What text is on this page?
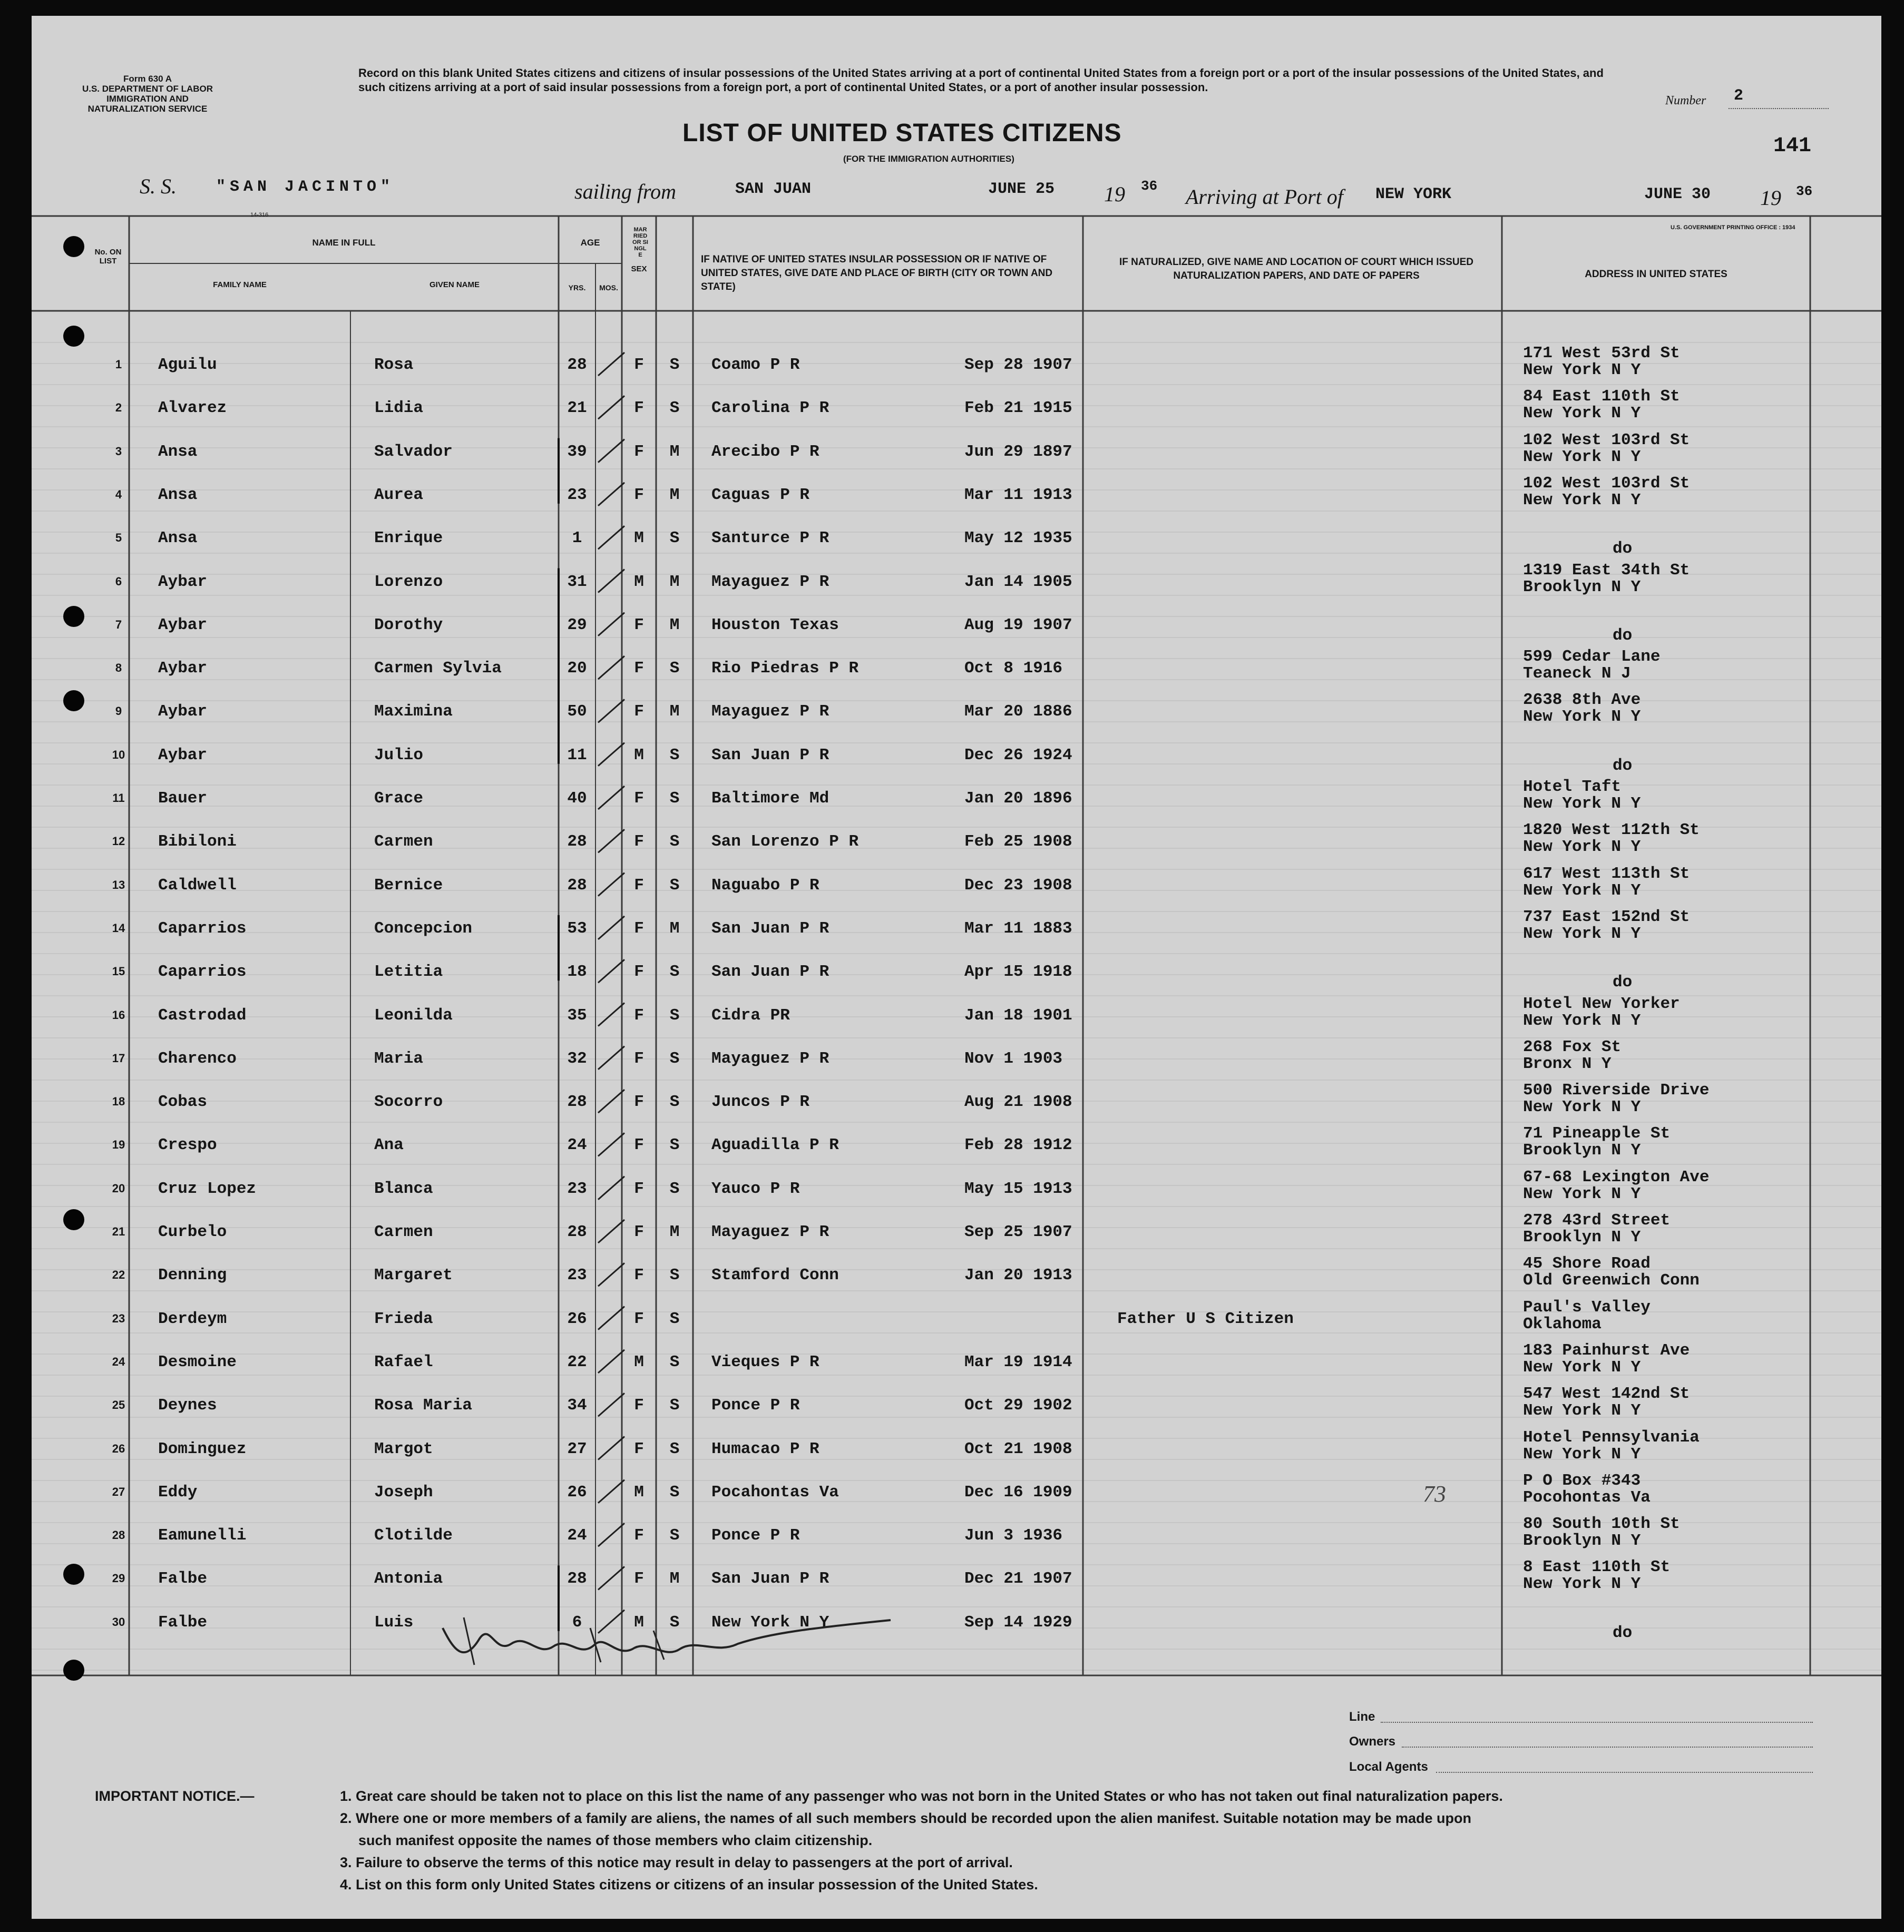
Form 630 A
U.S. DEPARTMENT OF LABOR
IMMIGRATION AND
NATURALIZATION SERVICE
Record on this blank United States citizens and citizens of insular possessions of the United States arriving at a port of continental United States from a foreign port or a port of the insular possessions of the United States, and such citizens arriving at a port of said insular possessions from a foreign port, a port of continental United States, or a port of another insular possession.
Number 2
141
LIST OF UNITED STATES CITIZENS
(FOR THE IMMIGRATION AUTHORITIES)
S. S.	"SAN JACINTO"	sailing from	SAN JUAN	JUNE 25 19 36 Arriving at Port of NEW YORK	JUNE 30 19 36
14-316
U.S. GOVERNMENT PRINTING OFFICE : 1934
No. ON LIST
NAME IN FULL
FAMILY NAME	GIVEN NAME
AGE
YRS.	MOS.
SEX
MARRIED OR SINGLE	IF NATIVE OF UNITED STATES INSULAR POSSESSION OR IF NATIVE OF UNITED STATES, GIVE DATE AND PLACE OF BIRTH (CITY OR TOWN AND STATE)
IF NATURALIZED, GIVE NAME AND LOCATION OF COURT WHICH ISSUED NATURALIZATION PAPERS, AND DATE OF PAPERS	ADDRESS IN UNITED STATES
1	Aguilu	Rosa	28	F	S	Coamo P R	Sep 28 1907
171 West 53rd St
New York N Y
2	Alvarez	Lidia	21	F	S	Carolina P R	Feb 21 1915
84 East 110th St
New York N Y
3	Ansa	Salvador	39	F	M	Arecibo P R	Jun 29 1897
102 West 103rd St
New York N Y
4	Ansa	Aurea	23	F	M	Caguas P R	Mar 11 1913
102 West 103rd St
New York N Y
5	Ansa	Enrique	1	M	S	Santurce P R	May 12 1935
do
6	Aybar	Lorenzo	31	M	M	Mayaguez P R	Jan 14 1905
1319 East 34th St
Brooklyn N Y
7	Aybar	Dorothy	29	F	M	Houston Texas	Aug 19 1907
do
8	Aybar	Carmen Sylvia	20	F	S	Rio Piedras P R	Oct 8 1916
599 Cedar Lane
Teaneck N J
9	Aybar	Maximina	50	F	M	Mayaguez P R	Mar 20 1886
2638 8th Ave
New York N Y
10	Aybar	Julio	11	M	S	San Juan P R	Dec 26 1924
do
11	Bauer	Grace	40	F	S	Baltimore Md	Jan 20 1896
Hotel Taft
New York N Y
12	Bibiloni	Carmen	28	F	S	San Lorenzo P R	Feb 25 1908
1820 West 112th St
New York N Y
13	Caldwell	Bernice	28	F	S	Naguabo P R	Dec 23 1908
617 West 113th St
New York N Y
14	Caparrios	Concepcion	53	F	M	San Juan P R	Mar 11 1883
737 East 152nd St
New York N Y
15	Caparrios	Letitia	18	F	S	San Juan P R	Apr 15 1918
do
16	Castrodad	Leonilda	35	F	S	Cidra PR	Jan 18 1901
Hotel New Yorker
New York N Y
17	Charenco	Maria	32	F	S	Mayaguez P R	Nov 1 1903
268 Fox St
Bronx N Y
18	Cobas	Socorro	28	F	S	Juncos P R	Aug 21 1908
500 Riverside Drive
New York N Y
19	Crespo	Ana	24	F	S	Aguadilla P R	Feb 28 1912
71 Pineapple St
Brooklyn N Y
20	Cruz Lopez	Blanca	23	F	S	Yauco P R	May 15 1913
67-68 Lexington Ave
New York N Y
21	Curbelo	Carmen	28	F	M	Mayaguez P R	Sep 25 1907
278 43rd Street
Brooklyn N Y
22	Denning	Margaret	23	F	S	Stamford Conn	Jan 20 1913
45 Shore Road
Old Greenwich Conn
23	Derdeym	Frieda	26	F	S	Father U S Citizen
Paul's Valley
Oklahoma
24	Desmoine	Rafael	22	M	S	Vieques P R	Mar 19 1914
183 Painhurst Ave
New York N Y
25	Deynes	Rosa Maria	34	F	S	Ponce P R	Oct 29 1902
547 West 142nd St
New York N Y
26	Dominguez	Margot	27	F	S	Humacao P R	Oct 21 1908
Hotel Pennsylvania
New York N Y
27	Eddy	Joseph	26	M	S	Pocahontas Va	Dec 16 1909
P O Box #343
Pocohontas Va
28	Eamunelli	Clotilde	24	F	S	Ponce P R	Jun 3 1936
80 South 10th St
Brooklyn N Y
29	Falbe	Antonia	28	F	M	San Juan P R	Dec 21 1907
8 East 110th St
New York N Y
30	Falbe	Luis	6	M	S	New York N Y	Sep 14 1929
do
73
Line
Owners
Local Agents
IMPORTANT NOTICE.—	1. Great care should be taken not to place on this list the name of any passenger who was not born in the United States or who has not taken out final naturalization papers.
2. Where one or more members of a family are aliens, the names of all such members should be recorded upon the alien manifest. Suitable notation may be made upon
such manifest opposite the names of those members who claim citizenship.
3. Failure to observe the terms of this notice may result in delay to passengers at the port of arrival.
4. List on this form only United States citizens or citizens of an insular possession of the United States.
